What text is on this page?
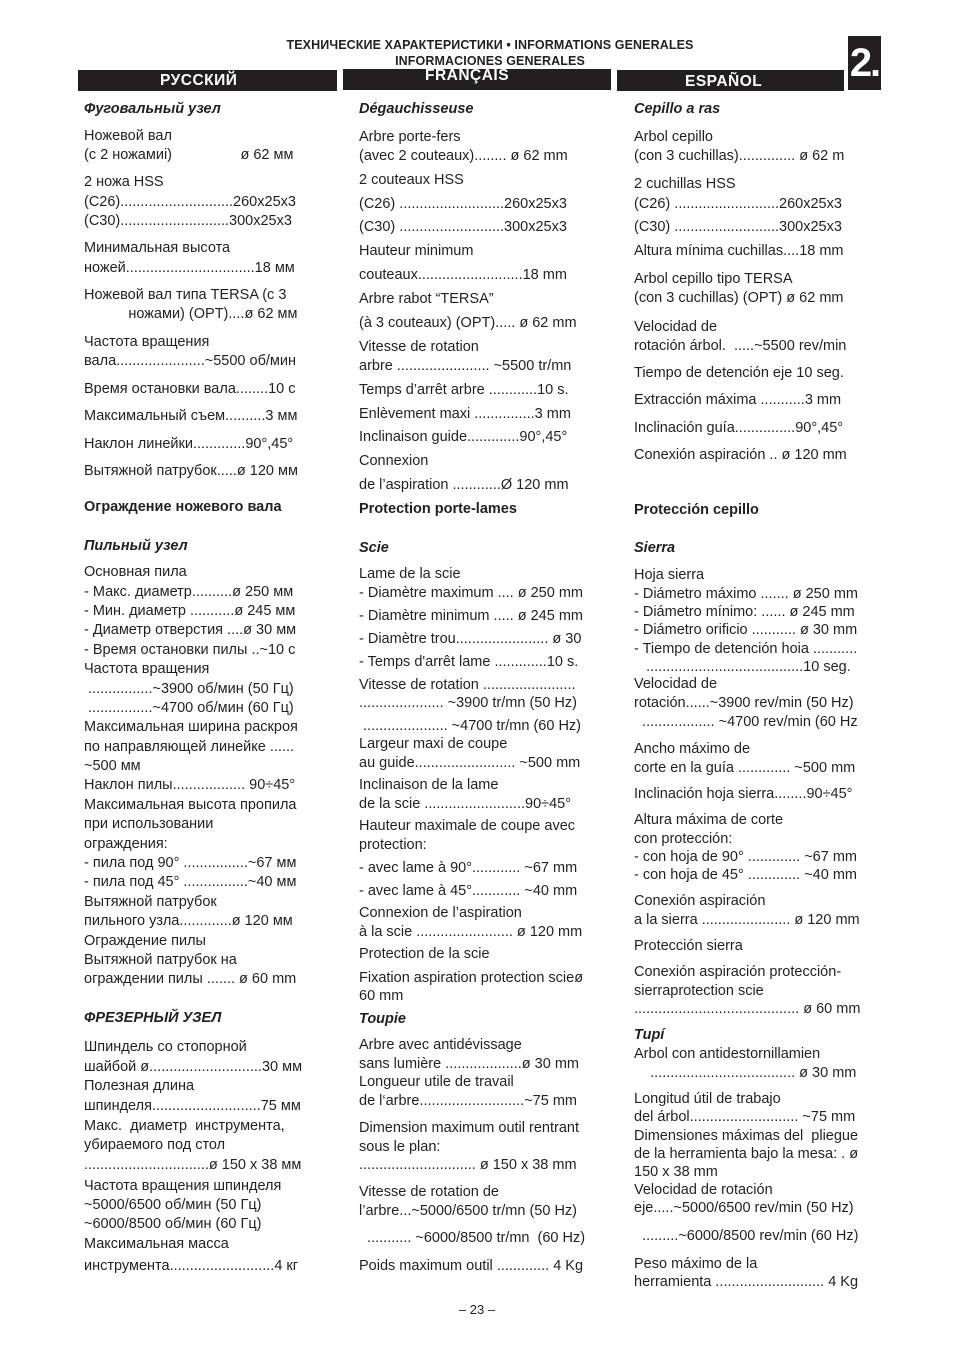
ТЕХНИЧЕСКИЕ ХАРАКТЕРИСТИКИ • INFORMATIONS GENERALES
INFORMACIONES GENERALES	2.
РУССКИЙ	FRANÇAIS	ESPAÑOL
Фуговальный узел
Ножевой вал
(с 2 ножамиi)                 ø 62 мм
2 ножа HSS
(C26)............................260x25x3
(C30)...........................300x25x3
Минимальная высота
ножей................................18 мм
Ножевой вал типа TERSA (с 3
ножами) (OPT)....ø 62 мм
Частота вращения
вала......................~5500 об/мин
Время остановки вала........10 с
Максимальный съем..........3 мм
Наклон линейки.............90°,45°
Вытяжной патрубок.....ø 120 мм
Ограждение ножевого вала
Пильный узел
Основная пила
- Макс. диаметр..........ø 250 мм
- Мин. диаметр ...........ø 245 мм
- Диаметр отверстия ....ø 30 мм
- Время остановки пилы ..~10 с
Частота вращения
................~3900 об/мин (50 Гц)
................~4700 об/мин (60 Гц)
Максимальная ширина раскроя
по направляющей линейке ......
~500 мм
Наклон пилы.................. 90÷45°
Максимальная высота пропила
при использовании
ограждения:
- пила под 90° ................~67 мм
- пила под 45° ................~40 мм
Вытяжной патрубок
пильного узла.............ø 120 мм
Ограждение пилы
Вытяжной патрубок на
ограждении пилы ....... ø 60 mm
ФРЕЗЕРНЫЙ УЗЕЛ
Шпиндель со стопорной
шайбой ø............................30 мм
Полезная длина
шпинделя...........................75 мм
Макс.  диаметр  инструмента,
убираемого под стол
...............................ø 150 х 38 мм
Частота вращения шпинделя
~5000/6500 об/мин (50 Гц)
~6000/8500 об/мин (60 Гц)
Максимальная масса
инструмента..........................4 кг
Dégauchisseuse
Arbre porte-fers
(avec 2 couteaux)........ ø 62 mm
2 couteaux HSS
(C26) ..........................260x25x3
(C30) ..........................300x25x3
Hauteur minimum
couteaux..........................18 mm
Arbre rabot “TERSA”
(à 3 couteaux) (OPT)..... ø 62 mm
Vitesse de rotation
arbre ....................... ~5500 tr/mn
Temps d’arrêt arbre ............10 s.
Enlèvement maxi ...............3 mm
Inclinaison guide.............90°,45°
Connexion
de l’aspiration ............Ø 120 mm
Protection porte-lames
Scie
Lame de la scie
- Diamètre maximum .... ø 250 mm
- Diamètre minimum ..... ø 245 mm
- Diamètre trou....................... ø 30
- Temps d'arrêt lame .............10 s.
Vitesse de rotation .......................
..................... ~3900 tr/mn (50 Hz)
..................... ~4700 tr/mn (60 Hz)
Largeur maxi de coupe
au guide......................... ~500 mm
Inclinaison de la lame
de la scie .........................90÷45°
Hauteur maximale de coupe avec
protection:
- avec lame à 90°............ ~67 mm
- avec lame à 45°............ ~40 mm
Connexion de l’aspiration
à la scie ........................ ø 120 mm
Protection de la scie
Fixation aspiration protection scieø
60 mm
Toupie
Arbre avec antidévissage
sans lumière ...................ø 30 mm
Longueur utile de travail
de l‘arbre..........................~75 mm
Dimension maximum outil rentrant
sous le plan:
............................. ø 150 x 38 mm
Vitesse de rotation de
l’arbre...~5000/6500 tr/mn (50 Hz)
........... ~6000/8500 tr/mn  (60 Hz)
Poids maximum outil ............. 4 Kg
Cepillo a ras
Arbol cepillo
(con 3 cuchillas).............. ø 62 m
2 cuchillas HSS
(C26) ..........................260x25x3
(C30) ..........................300x25x3
Altura mínima cuchillas....18 mm
Arbol cepillo tipo TERSA
(con 3 cuchillas) (OPT) ø 62 mm
Velocidad de
rotación árbol.  .....~5500 rev/min
Tiempo de detención eje 10 seg.
Extracción máxima ...........3 mm
Inclinación guía...............90°,45°
Conexión aspiración .. ø 120 mm
Protección cepillo
Sierra
Hoja sierra
- Diámetro máximo ....... ø 250 mm
- Diámetro mínimo: ...... ø 245 mm
- Diámetro orificio ........... ø 30 mm
- Tiempo de detención hoia ...........
.......................................10 seg.
Velocidad de
rotación......~3900 rev/min (50 Hz)
.................. ~4700 rev/min (60 Hz
Ancho máximo de
corte en la guía ............. ~500 mm
Inclinación hoja sierra........90÷45°
Altura máxima de corte
con protección:
- con hoja de 90° ............. ~67 mm
- con hoja de 45° ............. ~40 mm
Conexión aspiración
a la sierra ...................... ø 120 mm
Protección sierra
Conexión aspiración protección-
sierraprotection scie
......................................... ø 60 mm
Tupí
Arbol con antidestornillamien
.................................... ø 30 mm
Longitud útil de trabajo
del árbol........................... ~75 mm
Dimensiones máximas del  pliegue
de la herramienta bajo la mesa: . ø
150 x 38 mm
Velocidad de rotación
eje.....~5000/6500 rev/min (50 Hz)
.........~6000/8500 rev/min (60 Hz)
Peso máximo de la
herramienta ........................... 4 Kg
– 23 –
